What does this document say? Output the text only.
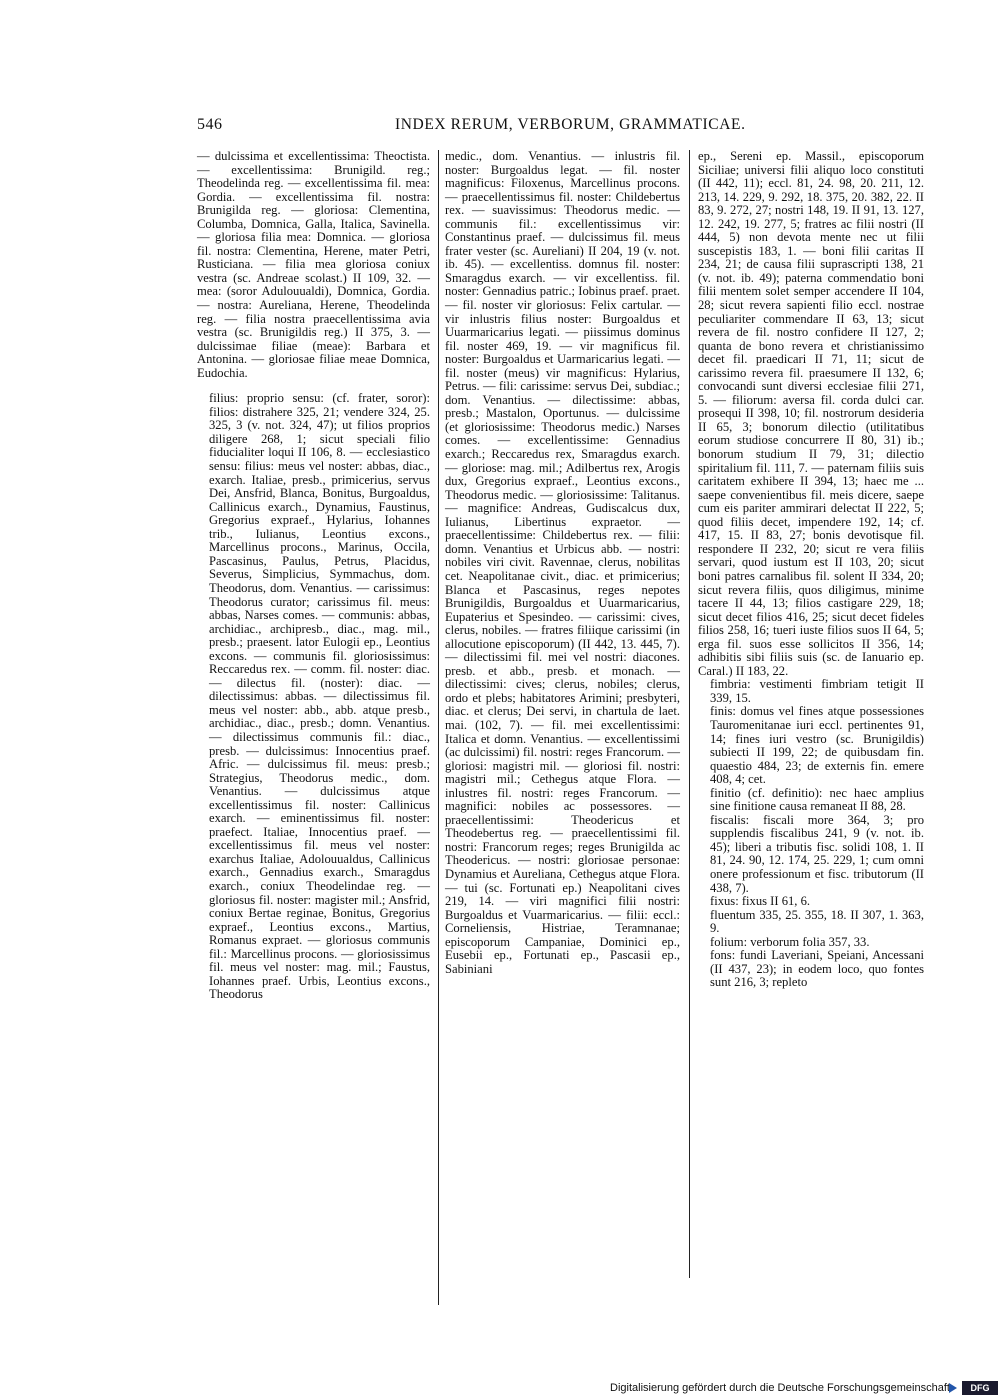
546	INDEX RERUM, VERBORUM, GRAMMATICAE.

— dulcissima et excellentissima: Theoctista. — excellentissima: Brunigild. reg.; Theodelinda reg. — excellentissima fil. mea: Gordia. — excellentissima fil. nostra: Brunigilda reg. — gloriosa: Clementina, Columba, Domnica, Galla, Italica, Savinella. — gloriosa filia mea: Domnica. — gloriosa fil. nostra: Clementina, Herene, mater Petri, Rusticiana. — filia mea gloriosa coniux vestra (sc. Andreae scolast.) II 109, 32. — mea: (soror Adulouualdi), Domnica, Gordia. — nostra: Aureliana, Herene, Theodelinda reg. — filia nostra praecellentissima avia vestra (sc. Brunigildis reg.) II 375, 3. — dulcissimae filiae (meae): Barbara et Antonina. — gloriosae filiae meae Domnica, Eudochia.

filius: proprio sensu: (cf. frater, soror): filios: distrahere 325, 21; vendere 324, 25. 325, 3 (v. not. 324, 47); ut filios proprios diligere 268, 1; sicut speciali filio fiducialiter loqui II 106, 8. — ecclesiastico sensu: filius: meus vel noster: abbas, diac., exarch. Italiae, presb., primicerius, servus Dei, Ansfrid, Blanca, Bonitus, Burgoaldus, Callinicus exarch., Dynamius, Faustinus, Gregorius expraef., Hylarius, Iohannes trib., Iulianus, Leontius excons., Marcellinus procons., Marinus, Occila, Pascasinus, Paulus, Petrus, Placidus, Severus, Simplicius, Symmachus, dom. Theodorus, dom. Venantius. — carissimus: Theodorus curator; carissimus fil. meus: abbas, Narses comes. — communis: abbas, archidiac., archipresb., diac., mag. mil., presb.; praesent. lator Eulogii ep., Leontius excons. — communis fil. gloriosissimus: Reccaredus rex. — comm. fil. noster: diac. — dilectus fil. (noster): diac. — dilectissimus: abbas. — dilectissimus fil. meus vel noster: abb., abb. atque presb., archidiac., diac., presb.; domn. Venantius. — dilectissimus communis fil.: diac., presb. — dulcissimus: Innocentius praef. Afric. — dulcissimus fil. meus: presb.; Strategius, Theodorus medic., dom. Venantius. — dulcissimus atque excellentissimus fil. noster: Callinicus exarch. — eminentissimus fil. noster: praefect. Italiae, Innocentius praef. — excellentissimus fil. meus vel noster: exarchus Italiae, Adolouualdus, Callinicus exarch., Gennadius exarch., Smaragdus exarch., coniux Theodelindae reg. — gloriosus fil. noster: magister mil.; Ansfrid, coniux Bertae reginae, Bonitus, Gregorius expraef., Leontius excons., Martius, Romanus expraet. — gloriosus communis fil.: Marcellinus procons. — gloriosissimus fil. meus vel noster: mag. mil.; Faustus, Iohannes praef. Urbis, Leontius excons., Theodorus

medic., dom. Venantius. — inlustris fil. noster: Burgoaldus legat. — fil. noster magnificus: Filoxenus, Marcellinus procons. — praecellentissimus fil. noster: Childebertus rex. — suavissimus: Theodorus medic. — communis fil.: excellentissimus vir: Constantinus praef. — dulcissimus fil. meus frater vester (sc. Aureliani) II 204, 19 (v. not. ib. 45). — excellentiss. domnus fil. noster: Smaragdus exarch. — vir excellentiss. fil. noster: Gennadius patric.; Iobinus praef. praet. — fil. noster vir gloriosus: Felix cartular. — vir inlustris filius noster: Burgoaldus et Uuarmaricarius legati. — piissimus dominus fil. noster 469, 19. — vir magnificus fil. noster: Burgoaldus et Uarmaricarius legati. — fil. noster (meus) vir magnificus: Hylarius, Petrus. — fili: carissime: servus Dei, subdiac.; dom. Venantius. — dilectissime: abbas, presb.; Mastalon, Oportunus. — dulcissime (et gloriosissime: Theodorus medic.) Narses comes. — excellentissime: Gennadius exarch.; Reccaredus rex, Smaragdus exarch. — gloriose: mag. mil.; Adilbertus rex, Arogis dux, Gregorius expraef., Leontius excons., Theodorus medic. — gloriosissime: Talitanus. — magnifice: Andreas, Gudiscalcus dux, Iulianus, Libertinus expraetor. — praecellentissime: Childebertus rex. — filii: domn. Venantius et Urbicus abb. — nostri: nobiles viri civit. Ravennae, clerus, nobilitas cet. Neapolitanae civit., diac. et primicerius; Blanca et Pascasinus, reges nepotes Brunigildis, Burgoaldus et Uuarmaricarius, Eupaterius et Spesindeo. — carissimi: cives, clerus, nobiles. — fratres filiique carissimi (in allocutione episcoporum) (II 442, 13. 445, 7). — dilectissimi fil. mei vel nostri: diacones. presb. et abb., presb. et monach. — dilectissimi: cives; clerus, nobiles; clerus, ordo et plebs; habitatores Arimini; presbyteri, diac. et clerus; Dei servi, in chartula de laet. mai. (102, 7). — fil. mei excellentissimi: Italica et domn. Venantius. — excellentissimi (ac dulcissimi) fil. nostri: reges Francorum. — gloriosi: magistri mil. — gloriosi fil. nostri: magistri mil.; Cethegus atque Flora. — inlustres fil. nostri: reges Francorum. — magnifici: nobiles ac possessores. — praecellentissimi: Theodericus et Theodebertus reg. — praecellentissimi fil. nostri: Francorum reges; reges Brunigilda ac Theodericus. — nostri: gloriosae personae: Dynamius et Aureliana, Cethegus atque Flora. — tui (sc. Fortunati ep.) Neapolitani cives 219, 14. — viri magnifici filii nostri: Burgoaldus et Vuarmaricarius. — filii: eccl.: Corneliensis, Histriae, Teramnanae; episcoporum Campaniae, Dominici ep., Eusebii ep., Fortunati ep., Pascasii ep., Sabiniani

ep., Sereni ep. Massil., episcoporum Siciliae; universi filii aliquo loco constituti (II 442, 11); eccl. 81, 24. 98, 20. 211, 12. 213, 14. 229, 9. 292, 18. 375, 20. 382, 22. II 83, 9. 272, 27; nostri 148, 19. II 91, 13. 127, 12. 242, 19. 277, 5; fratres ac filii nostri (II 444, 5) non devota mente nec ut filii suscepistis 183, 1. — boni filii caritas II 234, 21; de causa filii suprascripti 138, 21 (v. not. ib. 49); paterna commendatio boni filii mentem solet semper accendere II 104, 28; sicut revera sapienti filio eccl. nostrae peculiariter commendare II 63, 13; sicut revera de fil. nostro confidere II 127, 2; quanta de bono revera et christianissimo decet fil. praedicari II 71, 11; sicut de carissimo revera fil. praesumere II 132, 6; convocandi sunt diversi ecclesiae filii 271, 5. — filiorum: aversa fil. corda dulci car. prosequi II 398, 10; fil. nostrorum desideria II 65, 3; bonorum dilectio (utilitatibus eorum studiose concurrere II 80, 31) ib.; bonorum studium II 79, 31; dilectio spiritalium fil. 111, 7. — paternam filiis suis caritatem exhibere II 394, 13; haec me ... saepe convenientibus fil. meis dicere, saepe cum eis pariter ammirari delectat II 222, 5; quod filiis decet, impendere 192, 14; cf. 417, 15. II 83, 27; bonis devotisque fil. respondere II 232, 20; sicut re vera filiis servari, quod iustum est II 103, 20; sicut boni patres carnalibus fil. solent II 334, 20; sicut revera filiis, quos diligimus, minime tacere II 44, 13; filios castigare 229, 18; sicut decet filios 416, 25; sicut decet fideles filios 258, 16; tueri iuste filios suos II 64, 5; erga fil. suos esse sollicitos II 356, 14; adhibitis sibi filiis suis (sc. de Ianuario ep. Caral.) II 183, 22.

fimbria: vestimenti fimbriam tetigit II 339, 15.

finis: domus vel fines atque possessiones Tauromenitanae iuri eccl. pertinentes 91, 14; fines iuri vestro (sc. Brunigildis) subiecti II 199, 22; de quibusdam fin. quaestio 484, 23; de externis fin. emere 408, 4; cet.

finitio (cf. definitio): nec haec amplius sine finitione causa remaneat II 88, 28.

fiscalis: fiscali more 364, 3; pro supplendis fiscalibus 241, 9 (v. not. ib. 45); liberi a tributis fisc. solidi 108, 1. II 81, 24. 90, 12. 174, 25. 229, 1; cum omni onere professionum et fisc. tributorum (II 438, 7).

fixus: fixus II 61, 6.

fluentum 335, 25. 355, 18. II 307, 1. 363, 9.

folium: verborum folia 357, 33.

fons: fundi Laveriani, Speiani, Ancessani (II 437, 23); in eodem loco, quo fontes sunt 216, 3; repleto

Digitalisierung gefördert durch die Deutsche Forschungsgemeinschaft	DFG
